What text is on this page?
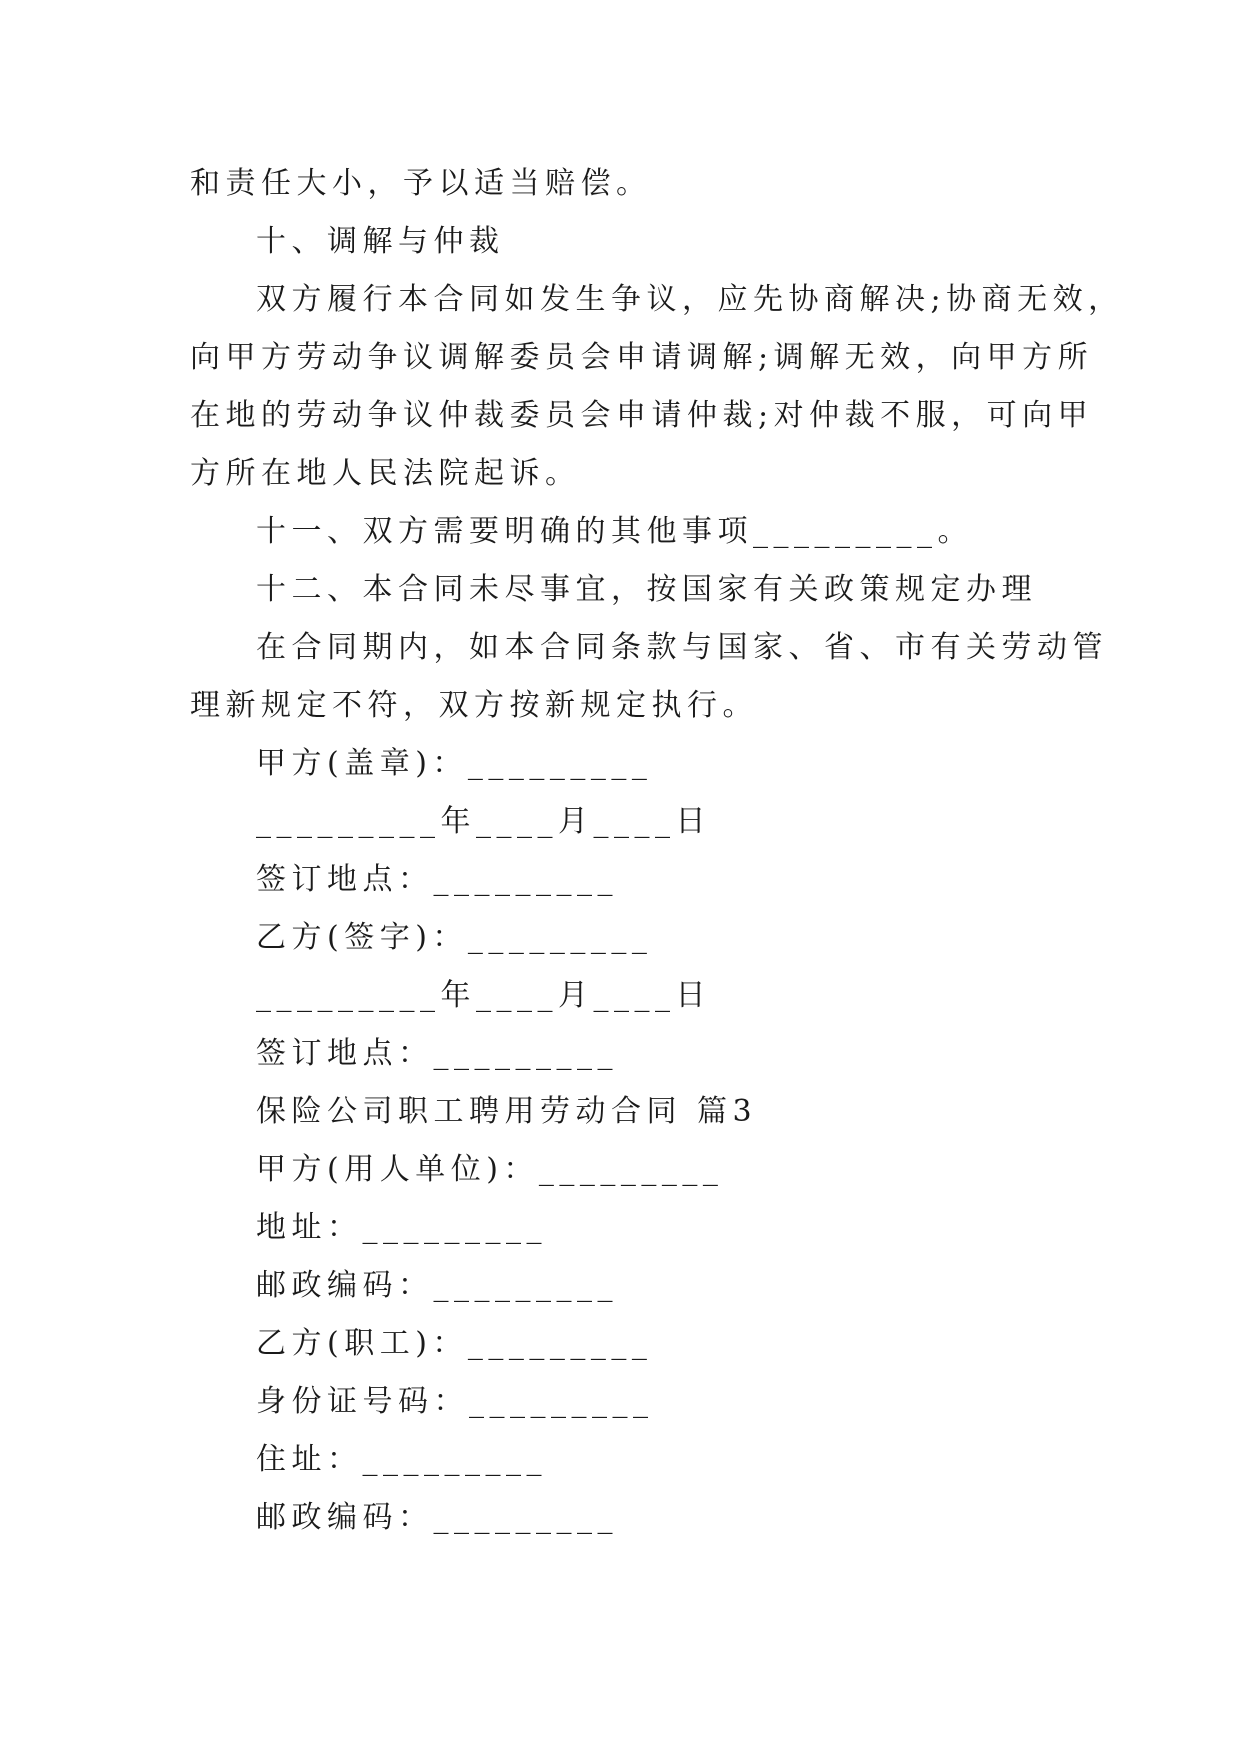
和责任大小，予以适当赔偿。
十、调解与仲裁
双方履行本合同如发生争议，应先协商解决;协商无效，
向甲方劳动争议调解委员会申请调解;调解无效，向甲方所
在地的劳动争议仲裁委员会申请仲裁;对仲裁不服，可向甲
方所在地人民法院起诉。
十一、双方需要明确的其他事项_________。
十二、本合同未尽事宜，按国家有关政策规定办理
在合同期内，如本合同条款与国家、省、市有关劳动管
理新规定不符，双方按新规定执行。
甲方(盖章)：_________
_________年____月____日
签订地点：_________
乙方(签字)：_________
_________年____月____日
签订地点：_________
保险公司职工聘用劳动合同 篇3
甲方(用人单位)：_________
地址：_________
邮政编码：_________
乙方(职工)：_________
身份证号码：_________
住址：_________
邮政编码：_________
